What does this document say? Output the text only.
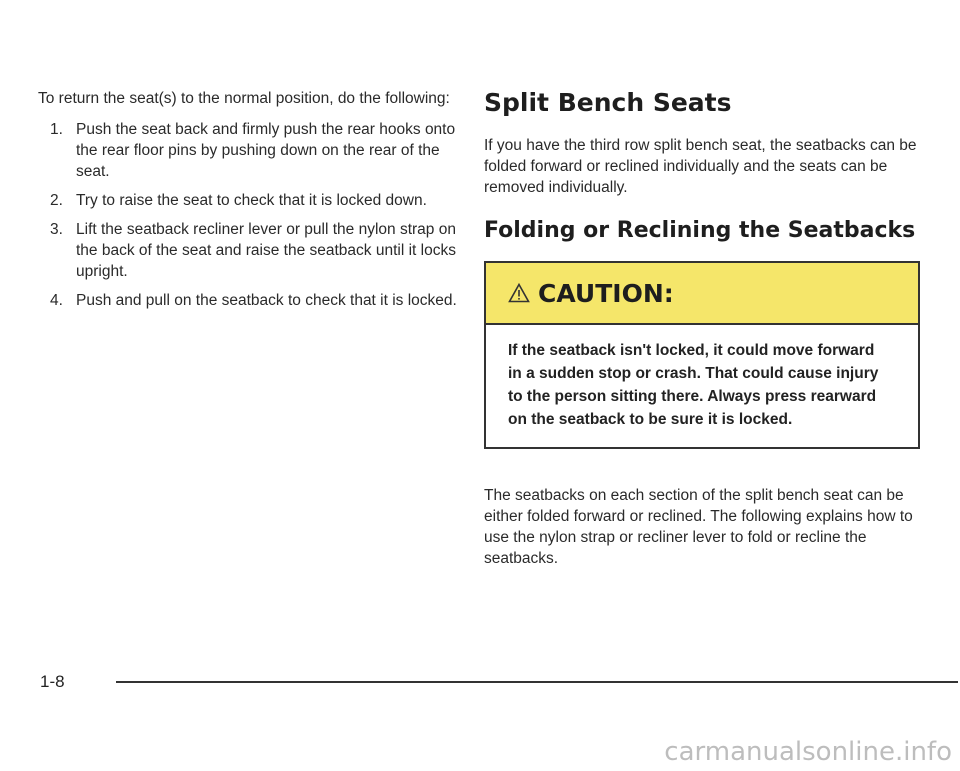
To return the seat(s) to the normal position, do the following:

1. Push the seat back and firmly push the rear hooks onto the rear floor pins by pushing down on the rear of the seat.
2. Try to raise the seat to check that it is locked down.
3. Lift the seatback recliner lever or pull the nylon strap on the back of the seat and raise the seatback until it locks upright.
4. Push and pull on the seatback to check that it is locked.
Split Bench Seats

If you have the third row split bench seat, the seatbacks can be folded forward or reclined individually and the seats can be removed individually.

Folding or Reclining the Seatbacks
CAUTION:
If the seatback isn't locked, it could move forward in a sudden stop or crash. That could cause injury to the person sitting there. Always press rearward on the seatback to be sure it is locked.

The seatbacks on each section of the split bench seat can be either folded forward or reclined. The following explains how to use the nylon strap or recliner lever to fold or recline the seatbacks.

1-8
carmanualsonline.info
